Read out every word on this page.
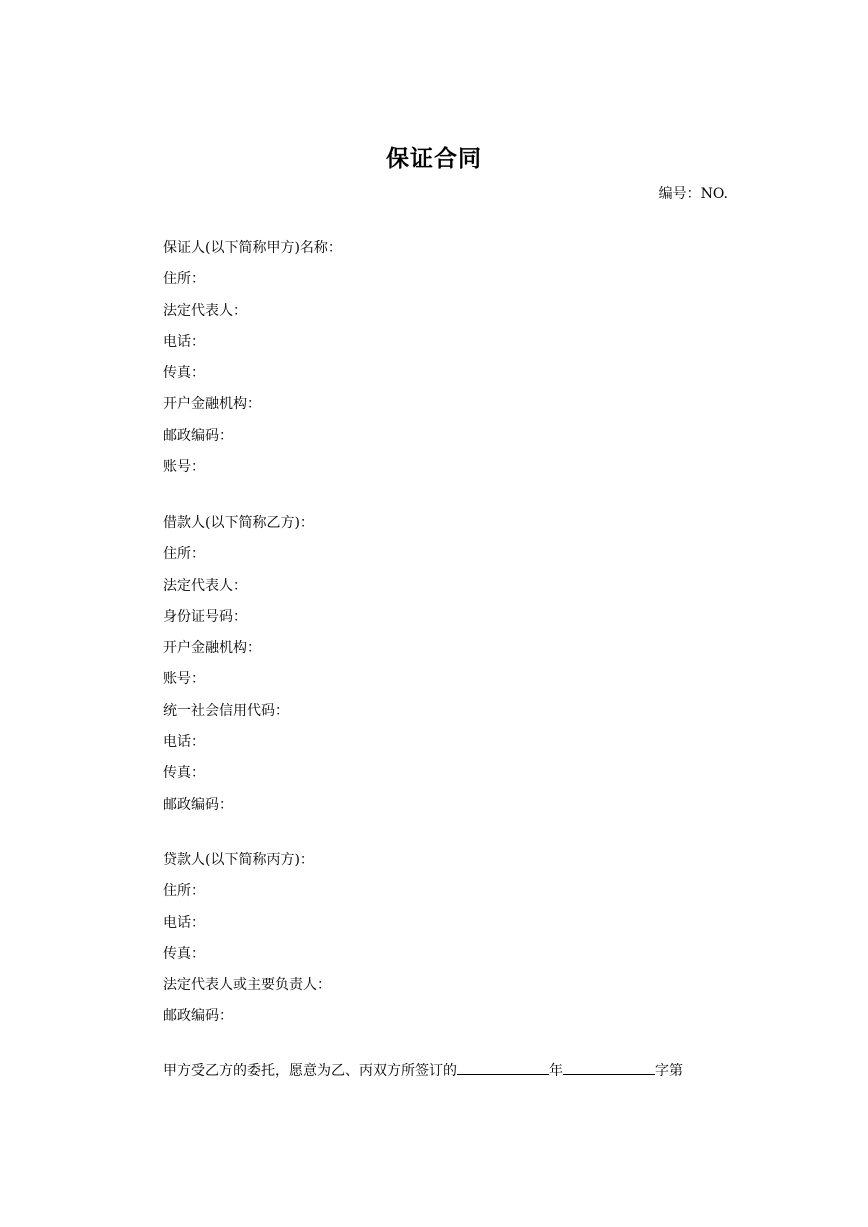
保证合同
编号：NO.
保证人(以下简称甲方)名称：
住所：
法定代表人：
电话：
传真：
开户金融机构：
邮政编码：
账号：
借款人(以下简称乙方)：
住所：
法定代表人：
身份证号码：
开户金融机构：
账号：
统一社会信用代码：
电话：
传真：
邮政编码：
贷款人(以下简称丙方)：
住所：
电话：
传真：
法定代表人或主要负责人：
邮政编码：
甲方受乙方的委托，愿意为乙、丙双方所签订的	年	字第
